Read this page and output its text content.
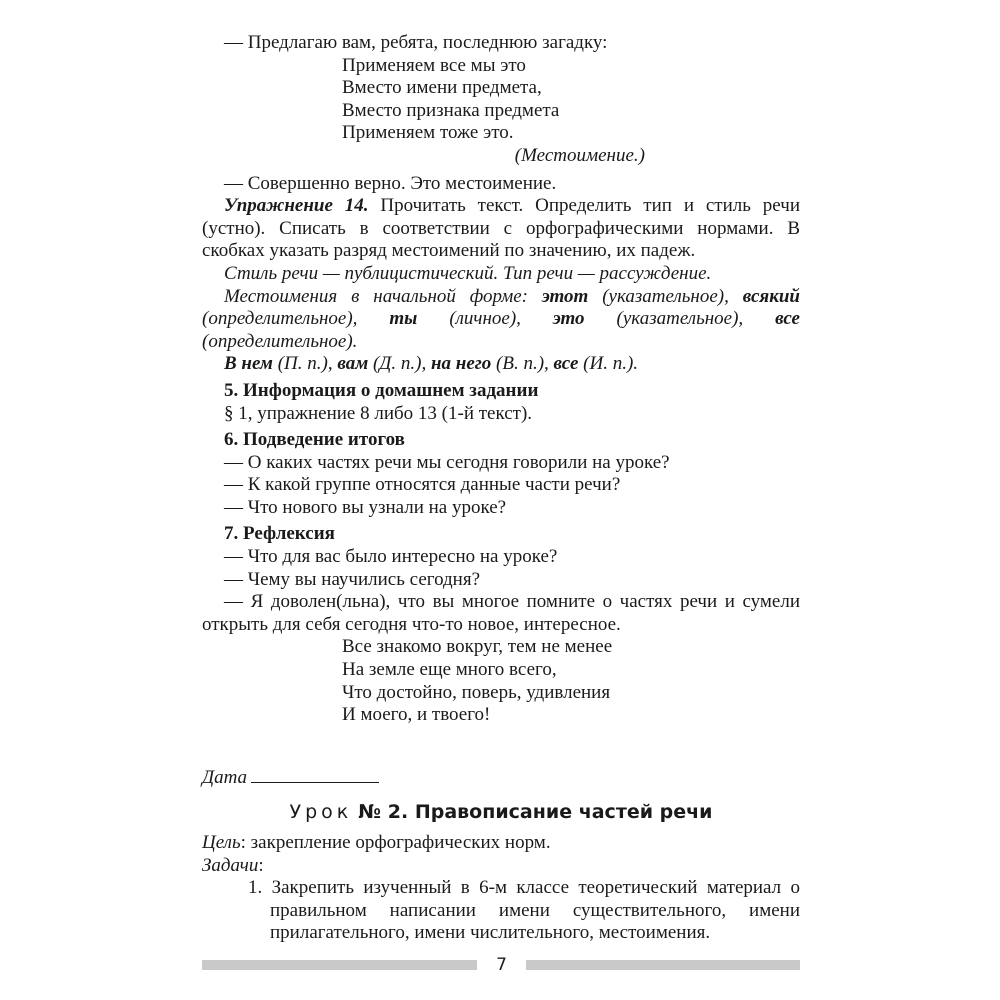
— Предлагаю вам, ребята, последнюю загадку:

Применяем все мы это

Вместо имени предмета,

Вместо признака предмета

Применяем тоже это.

(Местоимение.)

— Совершенно верно. Это местоимение.

Упражнение 14. Прочитать текст. Определить тип и стиль речи (устно). Списать в соответствии с орфографическими нормами. В скобках указать разряд местоимений по значению, их падеж.

Стиль речи — публицистический. Тип речи — рассуждение.

Местоимения в начальной форме: этот (указательное), всякий (определительное), ты (личное), это (указательное), все (определительное).

В нем (П. п.), вам (Д. п.), на него (В. п.), все (И. п.).

5. Информация о домашнем задании

§ 1, упражнение 8 либо 13 (1-й текст).

6. Подведение итогов

— О каких частях речи мы сегодня говорили на уроке?

— К какой группе относятся данные части речи?

— Что нового вы узнали на уроке?

7. Рефлексия

— Что для вас было интересно на уроке?

— Чему вы научились сегодня?

— Я доволен(льна), что вы многое помните о частях речи и сумели открыть для себя сегодня что-то новое, интересное.

Все знакомо вокруг, тем не менее

На земле еще много всего,

Что достойно, поверь, удивления

И моего, и твоего!

Дата

Урок № 2. Правописание частей речи

Цель: закрепление орфографических норм.

Задачи:

1. Закрепить изученный в 6-м классе теоретический материал о правильном написании имени существительного, имени прилагательного, имени числительного, местоимения.

7
